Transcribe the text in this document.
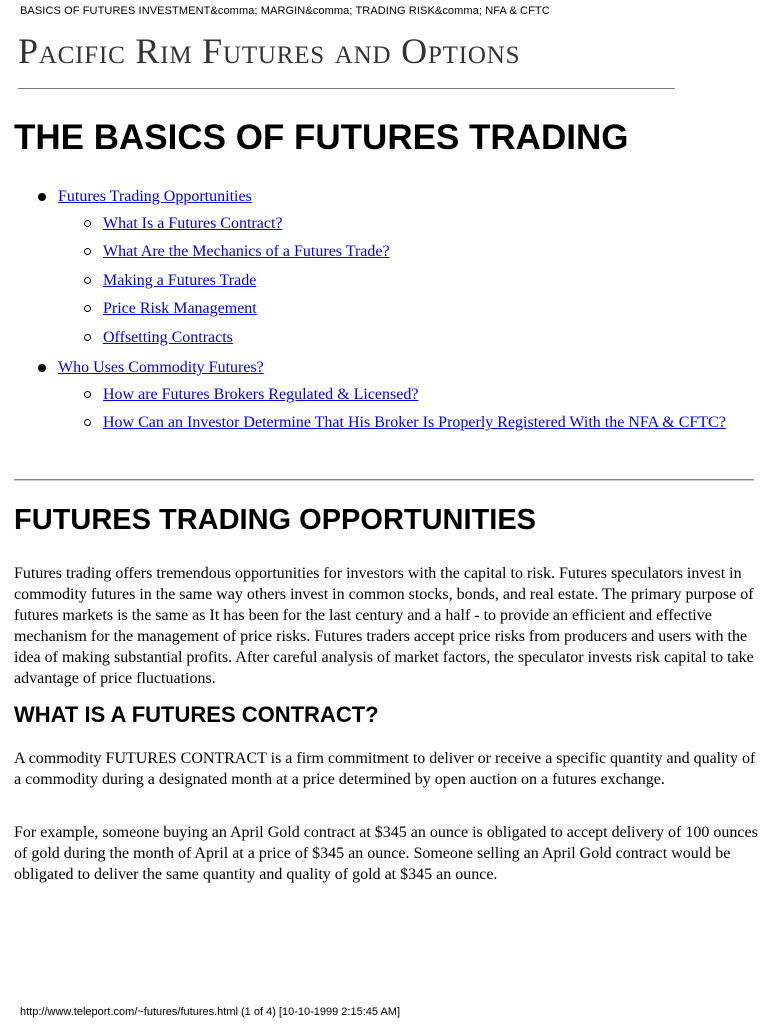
BASICS OF FUTURES INVESTMENT&comma; MARGIN&comma; TRADING RISK&comma; NFA & CFTC
Pacific Rim Futures and Options
THE BASICS OF FUTURES TRADING
Futures Trading Opportunities
What Is a Futures Contract?
What Are the Mechanics of a Futures Trade?
Making a Futures Trade
Price Risk Management
Offsetting Contracts
Who Uses Commodity Futures?
How are Futures Brokers Regulated & Licensed?
How Can an Investor Determine That His Broker Is Properly Registered With the NFA & CFTC?
FUTURES TRADING OPPORTUNITIES

Futures trading offers tremendous opportunities for investors with the capital to risk. Futures speculators invest in commodity futures in the same way others invest in common stocks, bonds, and real estate. The primary purpose of futures markets is the same as It has been for the last century and a half - to provide an efficient and effective mechanism for the management of price risks. Futures traders accept price risks from producers and users with the idea of making substantial profits. After careful analysis of market factors, the speculator invests risk capital to take advantage of price fluctuations.

WHAT IS A FUTURES CONTRACT?

A commodity FUTURES CONTRACT is a firm commitment to deliver or receive a specific quantity and quality of a commodity during a designated month at a price determined by open auction on a futures exchange.

For example, someone buying an April Gold contract at $345 an ounce is obligated to accept delivery of 100 ounces of gold during the month of April at a price of $345 an ounce. Someone selling an April Gold contract would be obligated to deliver the same quantity and quality of gold at $345 an ounce.

http://www.teleport.com/~futures/futures.html (1 of 4) [10-10-1999 2:15:45 AM]
